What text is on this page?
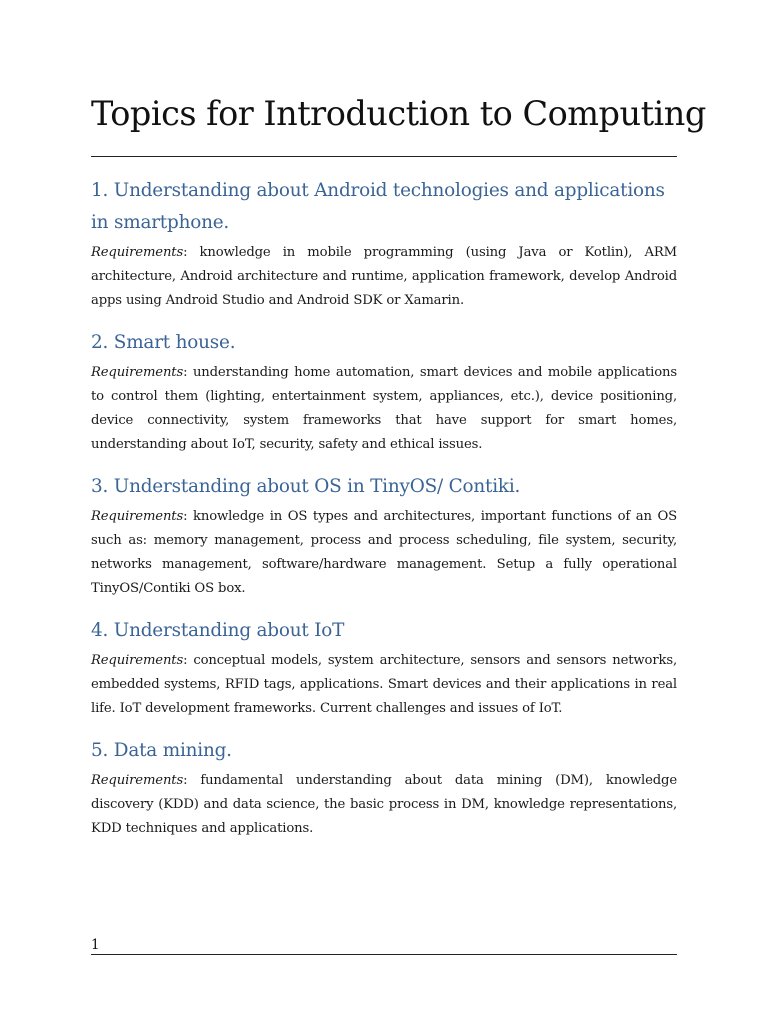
Topics for Introduction to Computing
1. Understanding about Android technologies and applications in smartphone.

Requirements: knowledge in mobile programming (using Java or Kotlin), ARM architecture, Android architecture and runtime, application framework, develop Android apps using Android Studio and Android SDK or Xamarin.

2. Smart house.

Requirements: understanding home automation, smart devices and mobile applications to control them (lighting, entertainment system, appliances, etc.), device positioning, device connectivity, system frameworks that have support for smart homes, understanding about IoT, security, safety and ethical issues.

3. Understanding about OS in TinyOS/ Contiki.

Requirements: knowledge in OS types and architectures, important functions of an OS such as: memory management, process and process scheduling, file system, security, networks management, software/hardware management. Setup a fully operational TinyOS/Contiki OS box.

4. Understanding about IoT

Requirements: conceptual models, system architecture, sensors and sensors networks, embedded systems, RFID tags, applications. Smart devices and their applications in real life. IoT development frameworks. Current challenges and issues of IoT.

5. Data mining.

Requirements: fundamental understanding about data mining (DM), knowledge discovery (KDD) and data science, the basic process in DM, knowledge representations, KDD techniques and applications.

1
